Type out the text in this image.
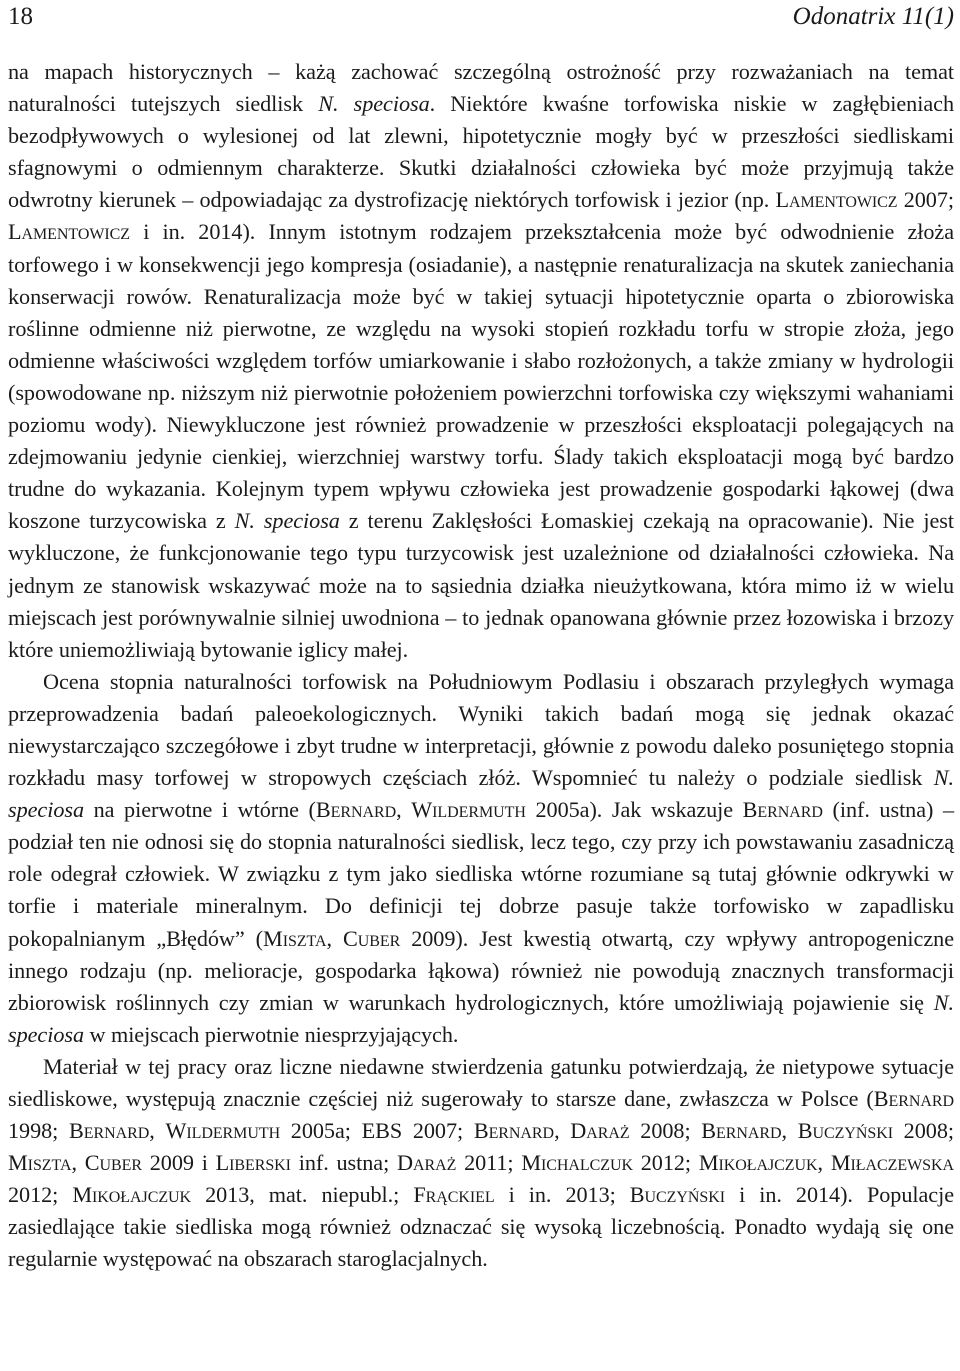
18	Odonatrix 11(1)

na mapach historycznych – każą zachować szczególną ostrożność przy rozważaniach na temat naturalności tutejszych siedlisk N. speciosa. Niektóre kwaśne torfowiska niskie w zagłębieniach bezodpływowych o wylesionej od lat zlewni, hipotetycznie mogły być w przeszłości siedliskami sfagnowymi o odmiennym charakterze. Skutki działalności człowieka być może przyjmują także odwrotny kierunek – odpowiadając za dystrofizację niektórych torfowisk i jezior (np. Lamentowicz 2007; Lamentowicz i in. 2014). Innym istotnym rodzajem przekształcenia może być odwodnienie złoża torfowego i w konsekwencji jego kompresja (osiadanie), a następnie renaturalizacja na skutek zaniechania konserwacji rowów. Renaturalizacja może być w takiej sytuacji hipotetycznie oparta o zbiorowiska roślinne odmienne niż pierwotne, ze względu na wysoki stopień rozkładu torfu w stropie złoża, jego odmienne właściwości względem torfów umiarkowanie i słabo rozłożonych, a także zmiany w hydrologii (spowodowane np. niższym niż pierwotnie położeniem powierzchni torfowiska czy większymi wahaniami poziomu wody). Niewykluczone jest również prowadzenie w przeszłości eksploatacji polegających na zdejmowaniu jedynie cienkiej, wierzchniej warstwy torfu. Ślady takich eksploatacji mogą być bardzo trudne do wykazania. Kolejnym typem wpływu człowieka jest prowadzenie gospodarki łąkowej (dwa koszone turzycowiska z N. speciosa z terenu Zaklęsłości Łomaskiej czekają na opracowanie). Nie jest wykluczone, że funkcjonowanie tego typu turzycowisk jest uzależnione od działalności człowieka. Na jednym ze stanowisk wskazywać może na to sąsiednia działka nieużytkowana, która mimo iż w wielu miejscach jest porównywalnie silniej uwodniona – to jednak opanowana głównie przez łozowiska i brzozy które uniemożliwiają bytowanie iglicy małej.

Ocena stopnia naturalności torfowisk na Południowym Podlasiu i obszarach przyległych wymaga przeprowadzenia badań paleoekologicznych. Wyniki takich badań mogą się jednak okazać niewystarczająco szczegółowe i zbyt trudne w interpretacji, głównie z powodu daleko posuniętego stopnia rozkładu masy torfowej w stropowych częściach złóż. Wspomnieć tu należy o podziale siedlisk N. speciosa na pierwotne i wtórne (Bernard, Wildermuth 2005a). Jak wskazuje Bernard (inf. ustna) – podział ten nie odnosi się do stopnia naturalności siedlisk, lecz tego, czy przy ich powstawaniu zasadniczą role odegrał człowiek. W związku z tym jako siedliska wtórne rozumiane są tutaj głównie odkrywki w torfie i materiale mineralnym. Do definicji tej dobrze pasuje także torfowisko w zapadlisku pokopalnianym „Błędów” (Miszta, Cuber 2009). Jest kwestią otwartą, czy wpływy antropogeniczne innego rodzaju (np. melioracje, gospodarka łąkowa) również nie powodują znacznych transformacji zbiorowisk roślinnych czy zmian w warunkach hydrologicznych, które umożliwiają pojawienie się N. speciosa w miejscach pierwotnie niesprzyjających.

Materiał w tej pracy oraz liczne niedawne stwierdzenia gatunku potwierdzają, że nietypowe sytuacje siedliskowe, występują znacznie częściej niż sugerowały to starsze dane, zwłaszcza w Polsce (Bernard 1998; Bernard, Wildermuth 2005a; EBS 2007; Bernard, Daraż 2008; Bernard, Buczyński 2008; Miszta, Cuber 2009 i Liberski inf. ustna; Daraż 2011; Michalczuk 2012; Mikołajczuk, Miłaczewska 2012; Mikołajczuk 2013, mat. niepubl.; Frąckiel i in. 2013; Buczyński i in. 2014). Populacje zasiedlające takie siedliska mogą również odznaczać się wysoką liczebnością. Ponadto wydają się one regularnie występować na obszarach staroglacjalnych.
